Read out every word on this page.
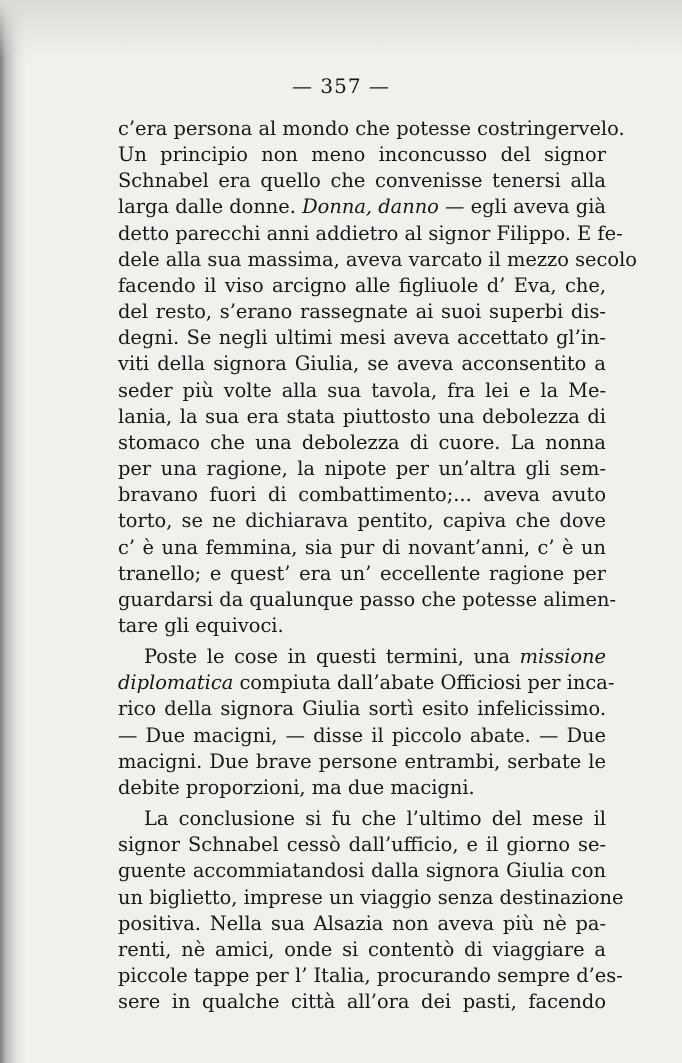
— 357 —
c’era persona al mondo che potesse costringervelo.
Un principio non meno inconcusso del signor
Schnabel era quello che convenisse tenersi alla
larga dalle donne. Donna, danno — egli aveva già
detto parecchi anni addietro al signor Filippo. E fe-
dele alla sua massima, aveva varcato il mezzo secolo
facendo il viso arcigno alle figliuole d’ Eva, che,
del resto, s’erano rassegnate ai suoi superbi dis-
degni. Se negli ultimi mesi aveva accettato gl’in-
viti della signora Giulia, se aveva acconsentito a
seder più volte alla sua tavola, fra lei e la Me-
lania, la sua era stata piuttosto una debolezza di
stomaco che una debolezza di cuore. La nonna
per una ragione, la nipote per un’altra gli sem-
bravano fuori di combattimento;... aveva avuto
torto, se ne dichiarava pentito, capiva che dove
c’ è una femmina, sia pur di novant’anni, c’ è un
tranello; e quest’ era un’ eccellente ragione per
guardarsi da qualunque passo che potesse alimen-
tare gli equivoci.
Poste le cose in questi termini, una missione
diplomatica compiuta dall’abate Officiosi per inca-
rico della signora Giulia sortì esito infelicissimo.
— Due macigni, — disse il piccolo abate. — Due
macigni. Due brave persone entrambi, serbate le
debite proporzioni, ma due macigni.
La conclusione si fu che l’ultimo del mese il
signor Schnabel cessò dall’ufficio, e il giorno se-
guente accommiatandosi dalla signora Giulia con
un biglietto, imprese un viaggio senza destinazione
positiva. Nella sua Alsazia non aveva più nè pa-
renti, nè amici, onde si contentò di viaggiare a
piccole tappe per l’ Italia, procurando sempre d’es-
sere in qualche città all’ora dei pasti, facendo
